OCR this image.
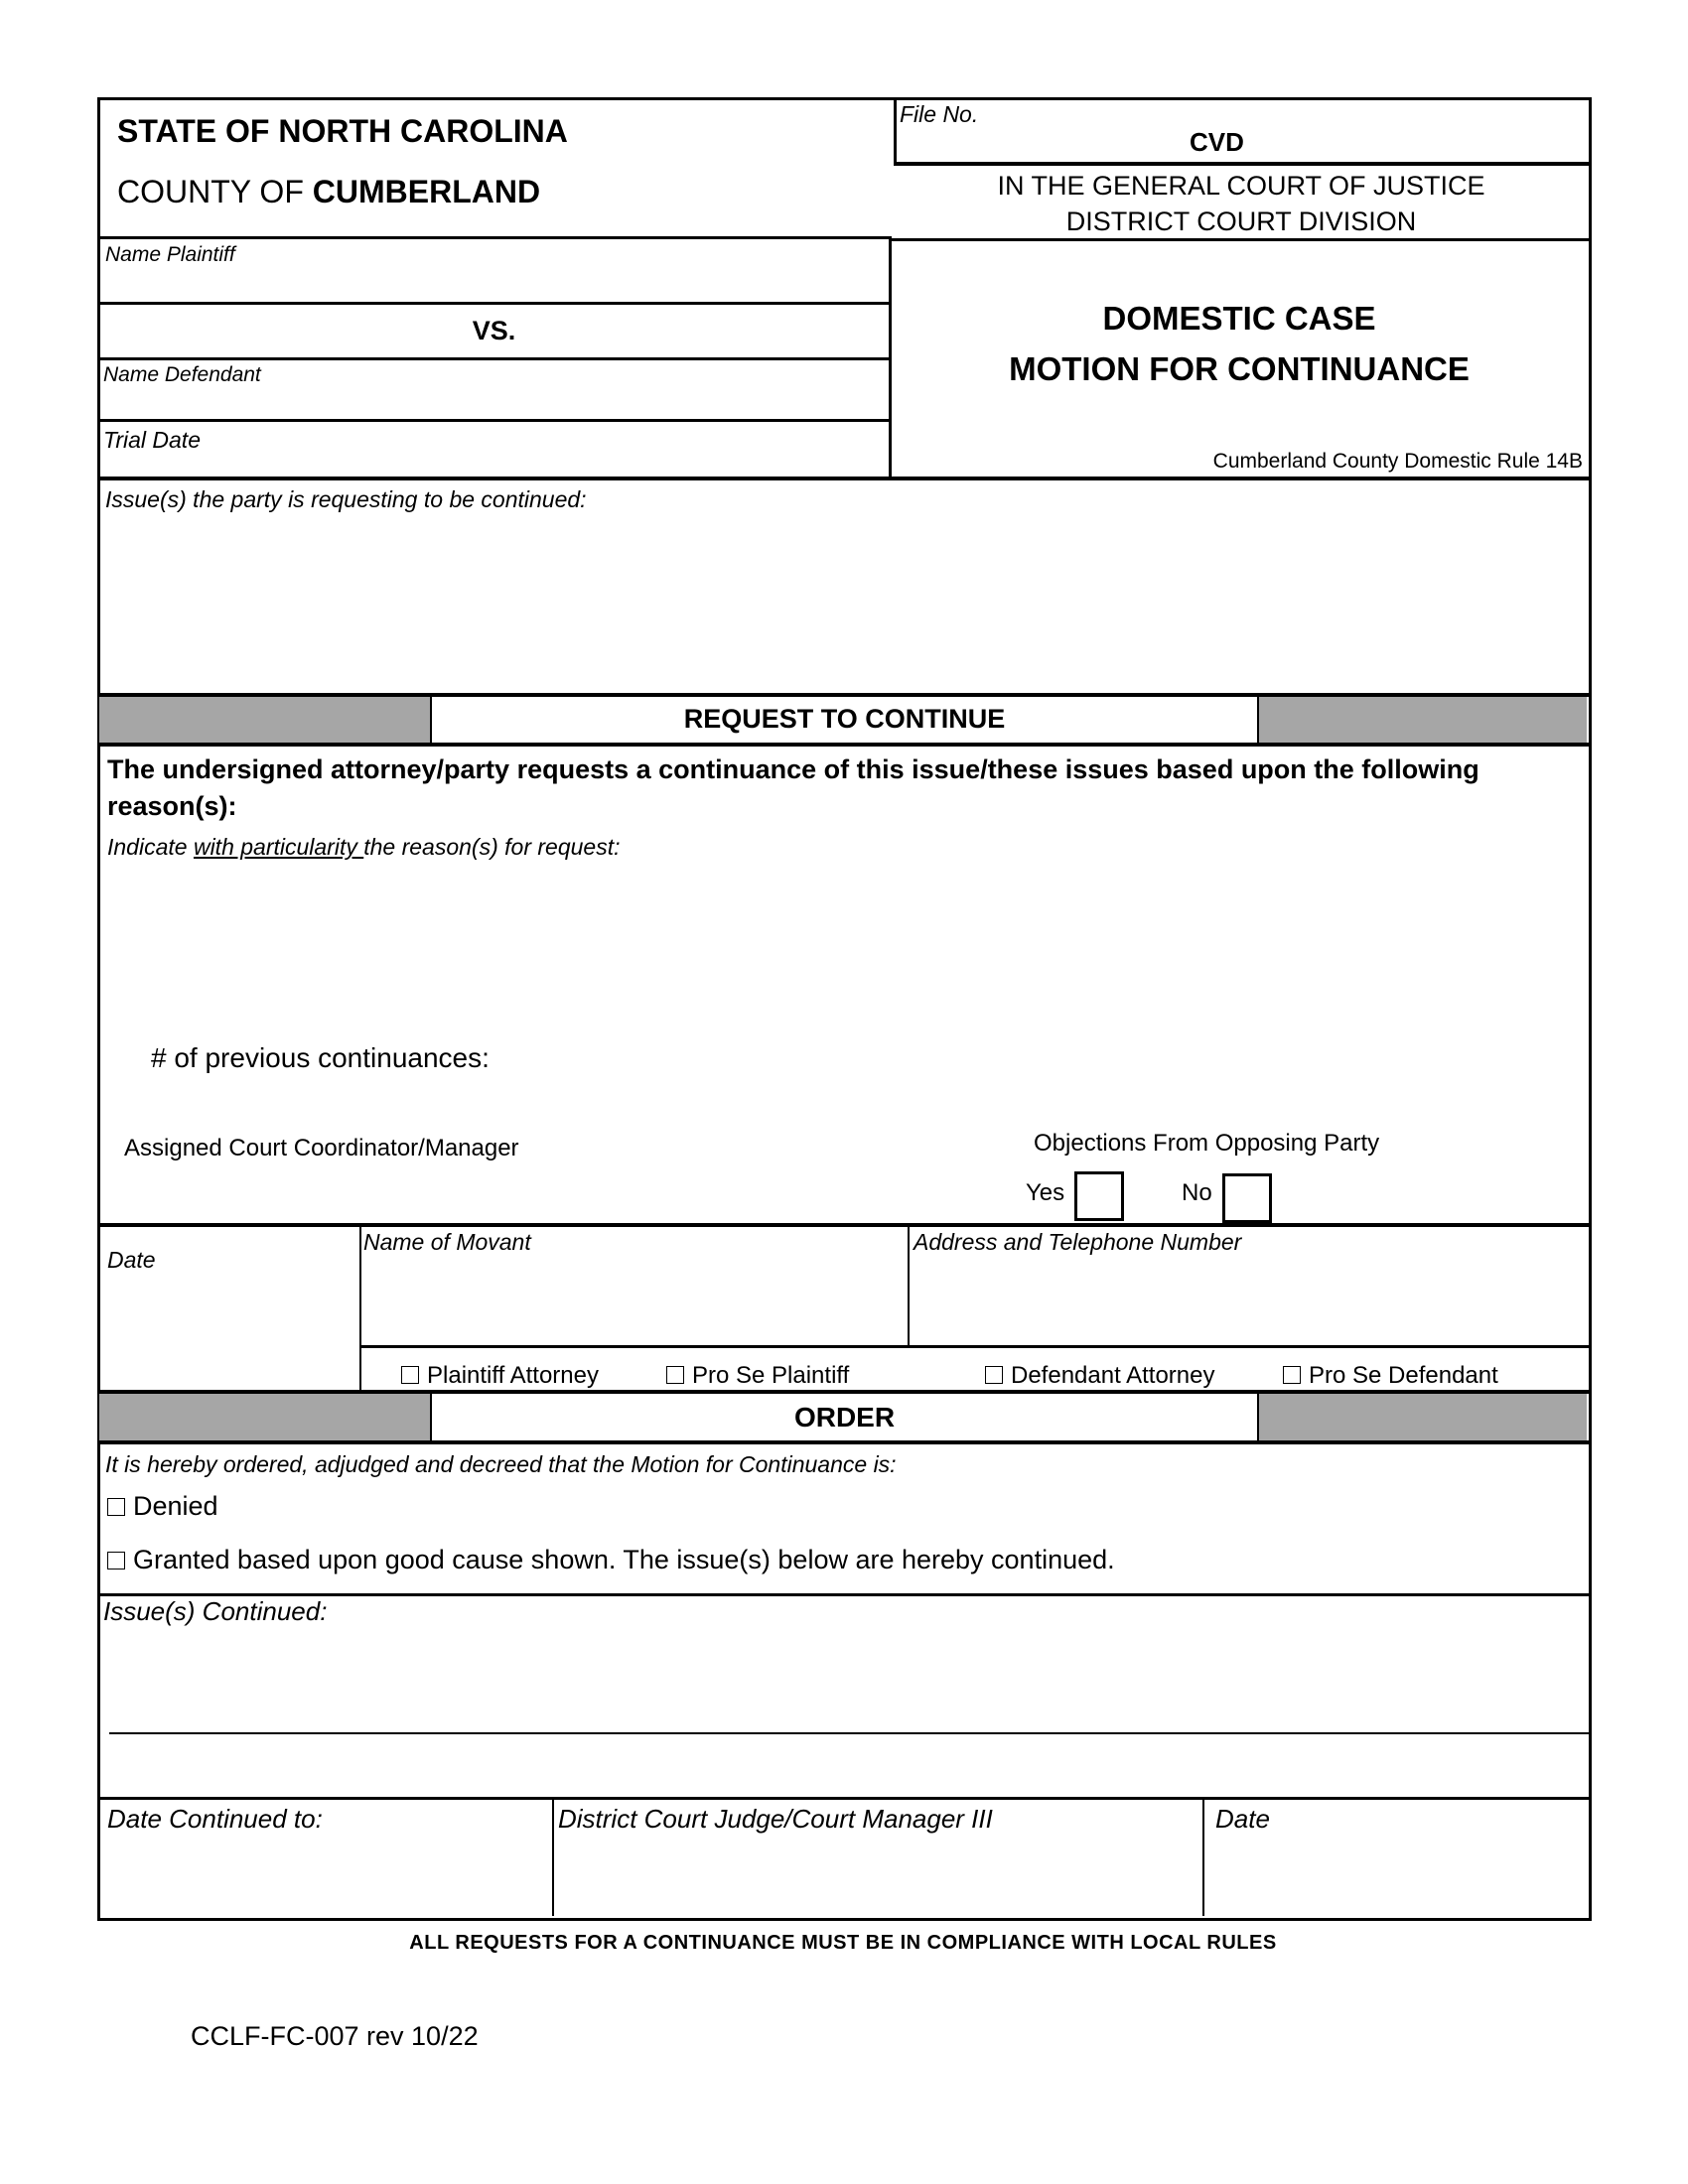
STATE OF NORTH CAROLINA
COUNTY OF CUMBERLAND
File No.
CVD
IN THE GENERAL COURT OF JUSTICE
DISTRICT COURT DIVISION
Name Plaintiff
VS.
Name Defendant
Trial Date
DOMESTIC CASE
MOTION FOR CONTINUANCE
Cumberland County Domestic Rule 14B
Issue(s) the party is requesting to be continued:
REQUEST TO CONTINUE
The undersigned attorney/party requests a continuance of this issue/these issues based upon the following reason(s):
Indicate with particularity the reason(s) for request:
# of previous continuances:
Assigned Court Coordinator/Manager	Objections From Opposing Party
Yes	No
Date
Name of Movant	Address and Telephone Number
Plaintiff Attorney	Pro Se Plaintiff	Defendant Attorney	Pro Se Defendant
ORDER
It is hereby ordered, adjudged and decreed that the Motion for Continuance is:
Denied
Granted based upon good cause shown. The issue(s) below are hereby continued.
Issue(s) Continued:
Date Continued to:	District Court Judge/Court Manager III	Date
ALL REQUESTS FOR A CONTINUANCE MUST BE IN COMPLIANCE WITH LOCAL RULES
CCLF-FC-007 rev 10/22
